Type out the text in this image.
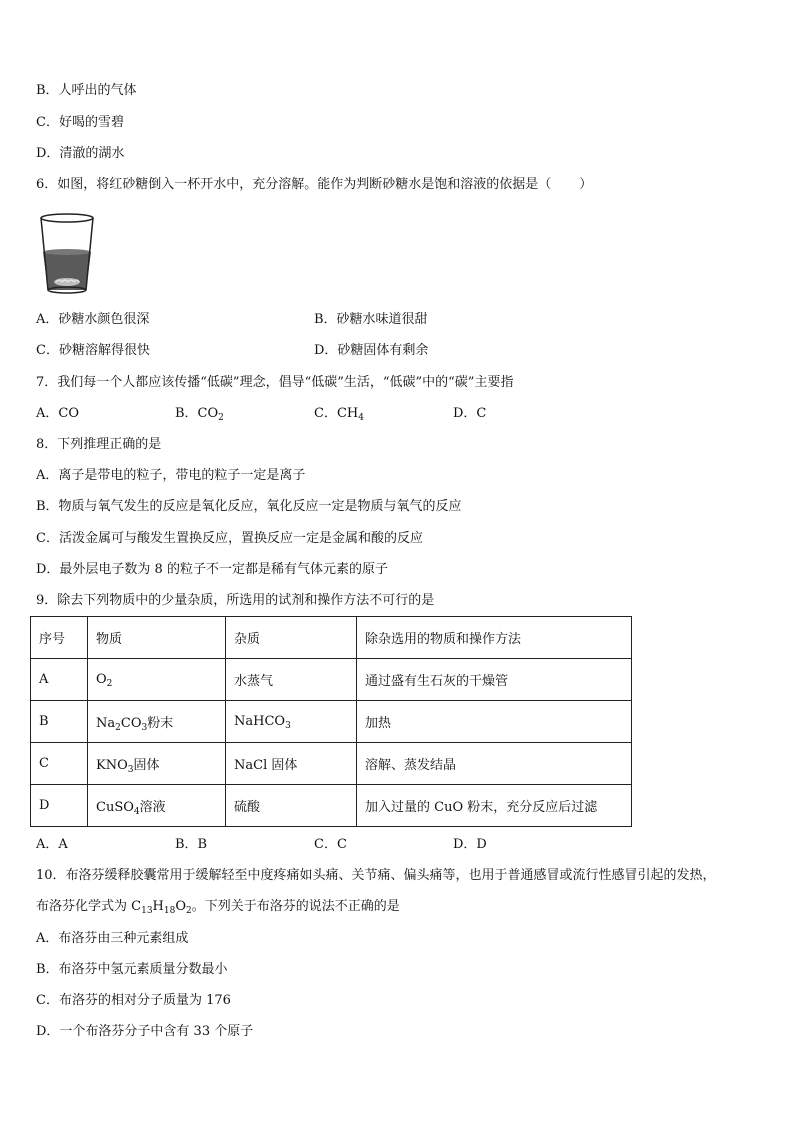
B．人呼出的气体
C．好喝的雪碧
D．清澈的湖水
6．如图，将红砂糖倒入一杯开水中，充分溶解。能作为判断砂糖水是饱和溶液的依据是（ ）
A．砂糖水颜色很深	B．砂糖水味道很甜
C．砂糖溶解得很快	D．砂糖固体有剩余
7．我们每一个人都应该传播“低碳”理念，倡导“低碳”生活，“低碳”中的“碳”主要指
A．CO	B．$CO_2$	C．$CH_4$	D．C
8．下列推理正确的是
A．离子是带电的粒子，带电的粒子一定是离子
B．物质与氧气发生的反应是氧化反应，氧化反应一定是物质与氧气的反应
C．活泼金属可与酸发生置换反应，置换反应一定是金属和酸的反应
D．最外层电子数为 8 的粒子不一定都是稀有气体元素的原子
9．除去下列物质中的少量杂质，所选用的试剂和操作方法不可行的是
序号	物质	杂质	除杂选用的物质和操作方法
A	$O_2$	水蒸气	通过盛有生石灰的干燥管
B	$Na_2CO_3$粉末	NaHCO$_3$	加热
C	$KNO_3$固体	NaCl 固体	溶解、蒸发结晶
D	CuSO$_4$溶液	硫酸	加入过量的 CuO 粉末，充分反应后过滤
A．A	B．B	C．C	D．D
10．布洛芬缓释胶囊常用于缓解轻至中度疼痛如头痛、关节痛、偏头痛等，也用于普通感冒或流行性感冒引起的发热，
布洛芬化学式为 $C_{13}H_{18}O_2$。下列关于布洛芬的说法不正确的是
A．布洛芬由三种元素组成
B．布洛芬中氢元素质量分数最小
C．布洛芬的相对分子质量为 176
D．一个布洛芬分子中含有 33 个原子
